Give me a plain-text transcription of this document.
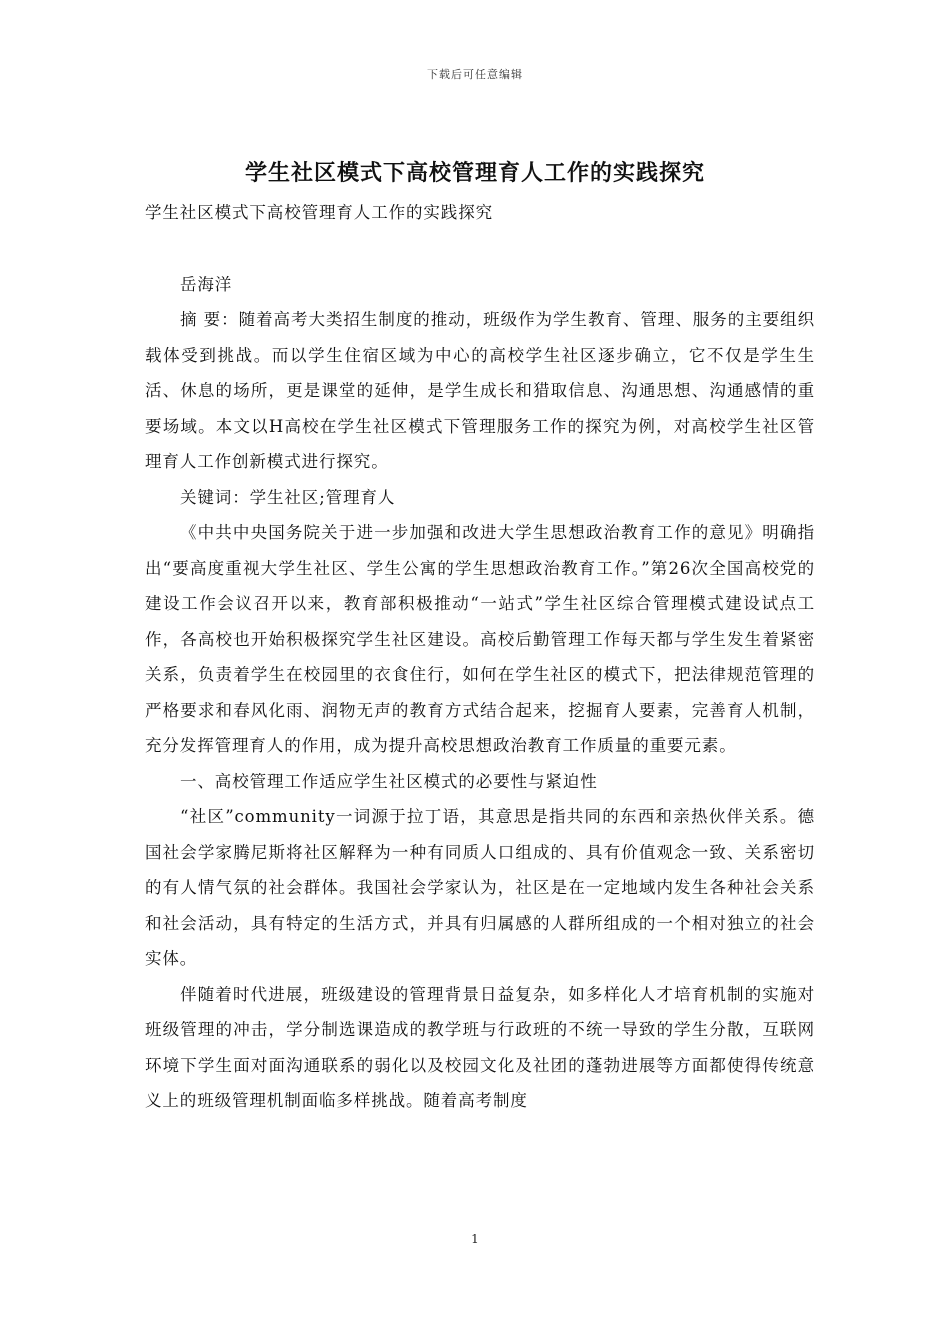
下载后可任意编辑
学生社区模式下高校管理育人工作的实践探究

学生社区模式下高校管理育人工作的实践探究

岳海洋

摘 要：随着高考大类招生制度的推动，班级作为学生教育、管理、服务的主要组织载体受到挑战。而以学生住宿区域为中心的高校学生社区逐步确立，它不仅是学生生活、休息的场所，更是课堂的延伸，是学生成长和猎取信息、沟通思想、沟通感情的重要场域。本文以H高校在学生社区模式下管理服务工作的探究为例，对高校学生社区管理育人工作创新模式进行探究。

关键词：学生社区;管理育人

《中共中央国务院关于进一步加强和改进大学生思想政治教育工作的意见》明确指出“要高度重视大学生社区、学生公寓的学生思想政治教育工作。”第26次全国高校党的建设工作会议召开以来，教育部积极推动“一站式”学生社区综合管理模式建设试点工作，各高校也开始积极探究学生社区建设。高校后勤管理工作每天都与学生发生着紧密关系，负责着学生在校园里的衣食住行，如何在学生社区的模式下，把法律规范管理的严格要求和春风化雨、润物无声的教育方式结合起来，挖掘育人要素，完善育人机制，充分发挥管理育人的作用，成为提升高校思想政治教育工作质量的重要元素。

一、高校管理工作适应学生社区模式的必要性与紧迫性

“社区”community一词源于拉丁语，其意思是指共同的东西和亲热伙伴关系。德国社会学家腾尼斯将社区解释为一种有同质人口组成的、具有价值观念一致、关系密切的有人情气氛的社会群体。我国社会学家认为，社区是在一定地域内发生各种社会关系和社会活动，具有特定的生活方式，并具有归属感的人群所组成的一个相对独立的社会实体。

伴随着时代进展，班级建设的管理背景日益复杂，如多样化人才培育机制的实施对班级管理的冲击，学分制选课造成的教学班与行政班的不统一导致的学生分散，互联网环境下学生面对面沟通联系的弱化以及校园文化及社团的蓬勃进展等方面都使得传统意义上的班级管理机制面临多样挑战。随着高考制度

1
